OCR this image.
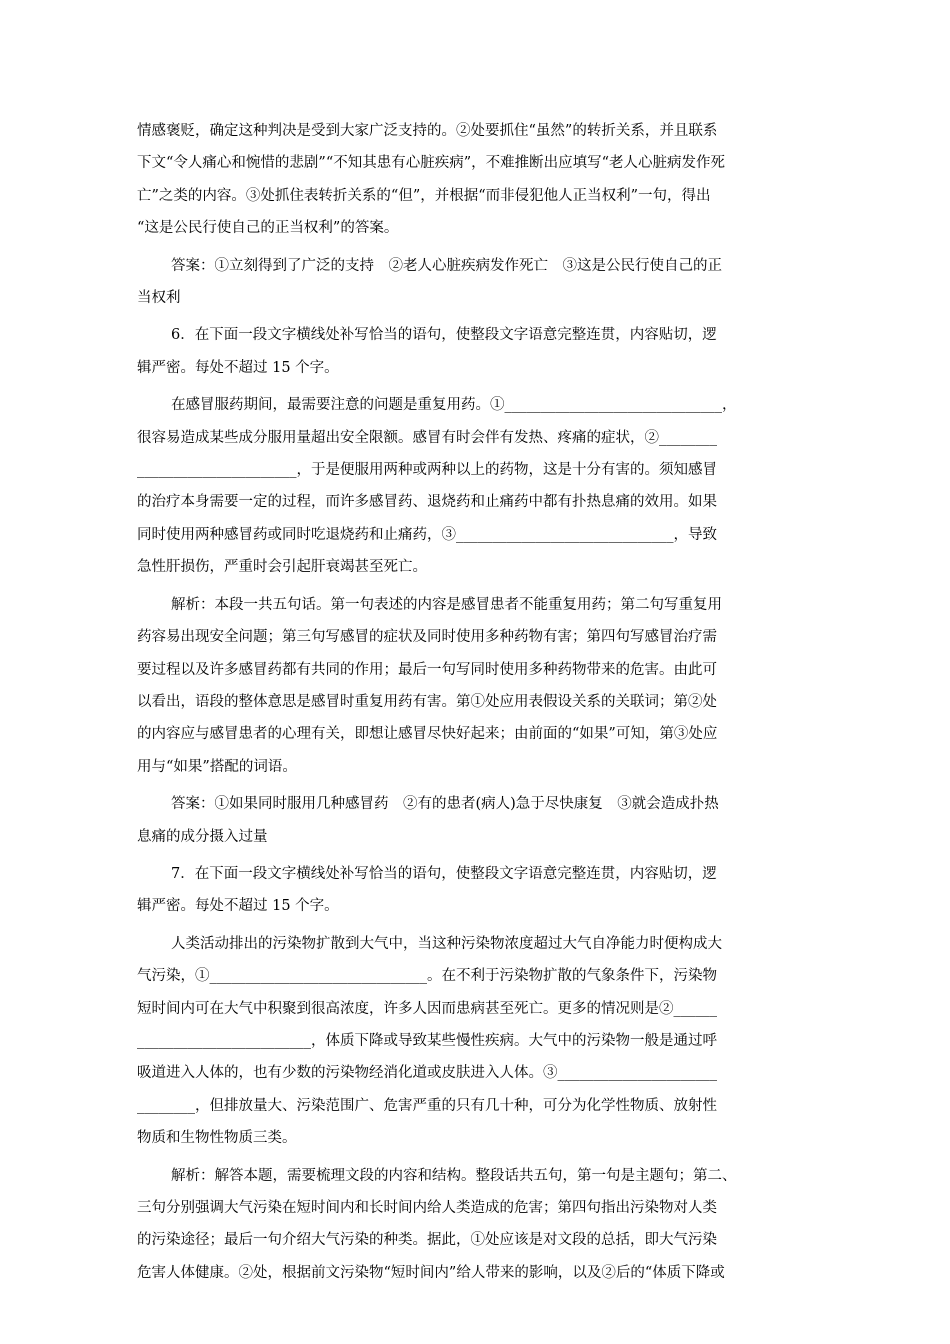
情感褒贬，确定这种判决是受到大家广泛支持的。②处要抓住“虽然”的转折关系，并且联系
下文“令人痛心和惋惜的悲剧”“不知其患有心脏疾病”，不难推断出应填写“老人心脏病发作死
亡”之类的内容。③处抓住表转折关系的“但”，并根据“而非侵犯他人正当权利”一句，得出
“这是公民行使自己的正当权利”的答案。
答案：①立刻得到了广泛的支持　②老人心脏疾病发作死亡　③这是公民行使自己的正
当权利
6．在下面一段文字横线处补写恰当的语句，使整段文字语意完整连贯，内容贴切，逻
辑严密。每处不超过 15 个字。
在感冒服药期间，最需要注意的问题是重复用药。①______________________________，
很容易造成某些成分服用量超出安全限额。感冒有时会伴有发热、疼痛的症状，②________
______________________，于是便服用两种或两种以上的药物，这是十分有害的。须知感冒
的治疗本身需要一定的过程，而许多感冒药、退烧药和止痛药中都有扑热息痛的效用。如果
同时使用两种感冒药或同时吃退烧药和止痛药，③______________________________，导致
急性肝损伤，严重时会引起肝衰竭甚至死亡。
解析：本段一共五句话。第一句表述的内容是感冒患者不能重复用药；第二句写重复用
药容易出现安全问题；第三句写感冒的症状及同时使用多种药物有害；第四句写感冒治疗需
要过程以及许多感冒药都有共同的作用；最后一句写同时使用多种药物带来的危害。由此可
以看出，语段的整体意思是感冒时重复用药有害。第①处应用表假设关系的关联词；第②处
的内容应与感冒患者的心理有关，即想让感冒尽快好起来；由前面的“如果”可知，第③处应
用与“如果”搭配的词语。
答案：①如果同时服用几种感冒药　②有的患者(病人)急于尽快康复　③就会造成扑热
息痛的成分摄入过量
7．在下面一段文字横线处补写恰当的语句，使整段文字语意完整连贯，内容贴切，逻
辑严密。每处不超过 15 个字。
人类活动排出的污染物扩散到大气中，当这种污染物浓度超过大气自净能力时便构成大
气污染，①______________________________。在不利于污染物扩散的气象条件下，污染物
短时间内可在大气中积聚到很高浓度，许多人因而患病甚至死亡。更多的情况则是②______
________________________，体质下降或导致某些慢性疾病。大气中的污染物一般是通过呼
吸道进入人体的，也有少数的污染物经消化道或皮肤进入人体。③______________________
________，但排放量大、污染范围广、危害严重的只有几十种，可分为化学性物质、放射性
物质和生物性物质三类。
解析：解答本题，需要梳理文段的内容和结构。整段话共五句，第一句是主题句；第二、
三句分别强调大气污染在短时间内和长时间内给人类造成的危害；第四句指出污染物对人类
的污染途径；最后一句介绍大气污染的种类。据此，①处应该是对文段的总括，即大气污染
危害人体健康。②处，根据前文污染物“短时间内”给人带来的影响，以及②后的“体质下降或
